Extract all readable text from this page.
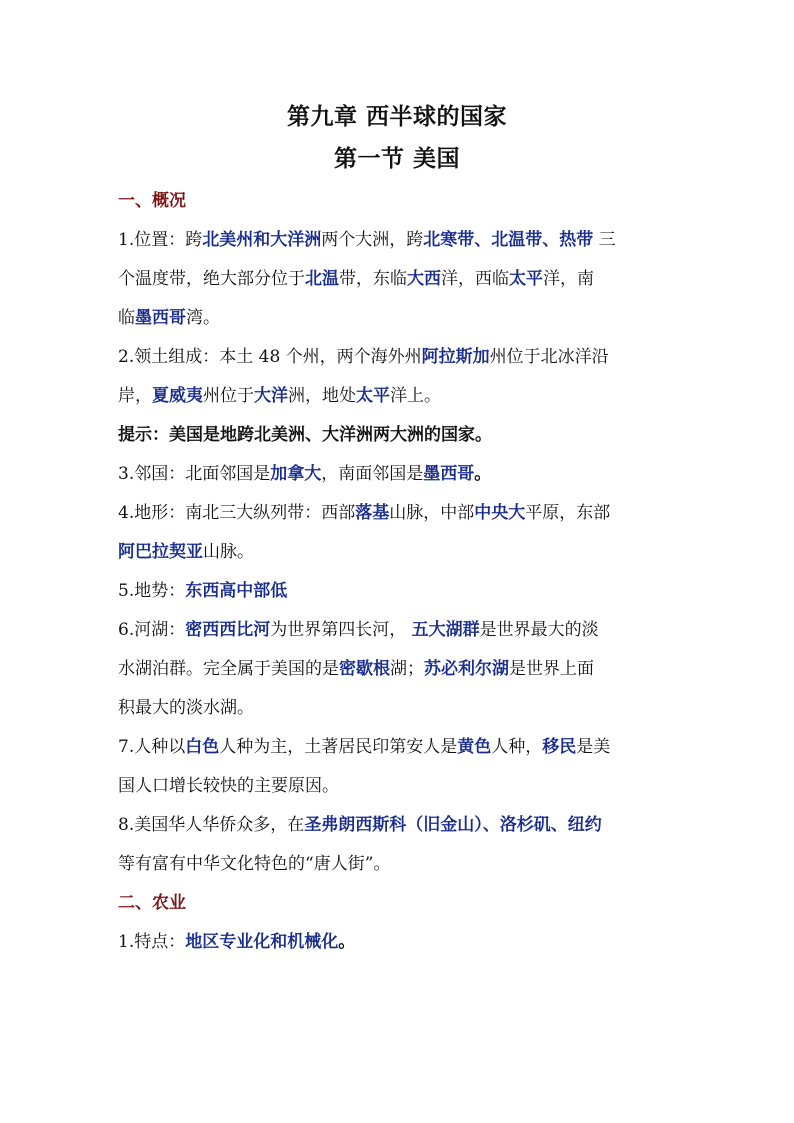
第九章 西半球的国家
第一节 美国
一、概况
1.位置：跨北美州和大洋洲两个大洲，跨北寒带、北温带、热带 三
个温度带，绝大部分位于北温带，东临大西洋，西临太平洋，南
临墨西哥湾。
2.领土组成：本土 48 个州，两个海外州阿拉斯加州位于北冰洋沿
岸，夏威夷州位于大洋洲，地处太平洋上。
提示：美国是地跨北美洲、大洋洲两大洲的国家。
3.邻国：北面邻国是加拿大，南面邻国是墨西哥。
4.地形：南北三大纵列带：西部落基山脉，中部中央大平原，东部
阿巴拉契亚山脉。
5.地势：东西高中部低
6.河湖：密西西比河为世界第四长河， 五大湖群是世界最大的淡
水湖泊群。完全属于美国的是密歇根湖；苏必利尔湖是世界上面
积最大的淡水湖。
7.人种以白色人种为主，土著居民印第安人是黄色人种，移民是美
国人口增长较快的主要原因。
8.美国华人华侨众多，在圣弗朗西斯科（旧金山）、洛杉矶、纽约
等有富有中华文化特色的“唐人街”。
二、农业
1.特点：地区专业化和机械化。
